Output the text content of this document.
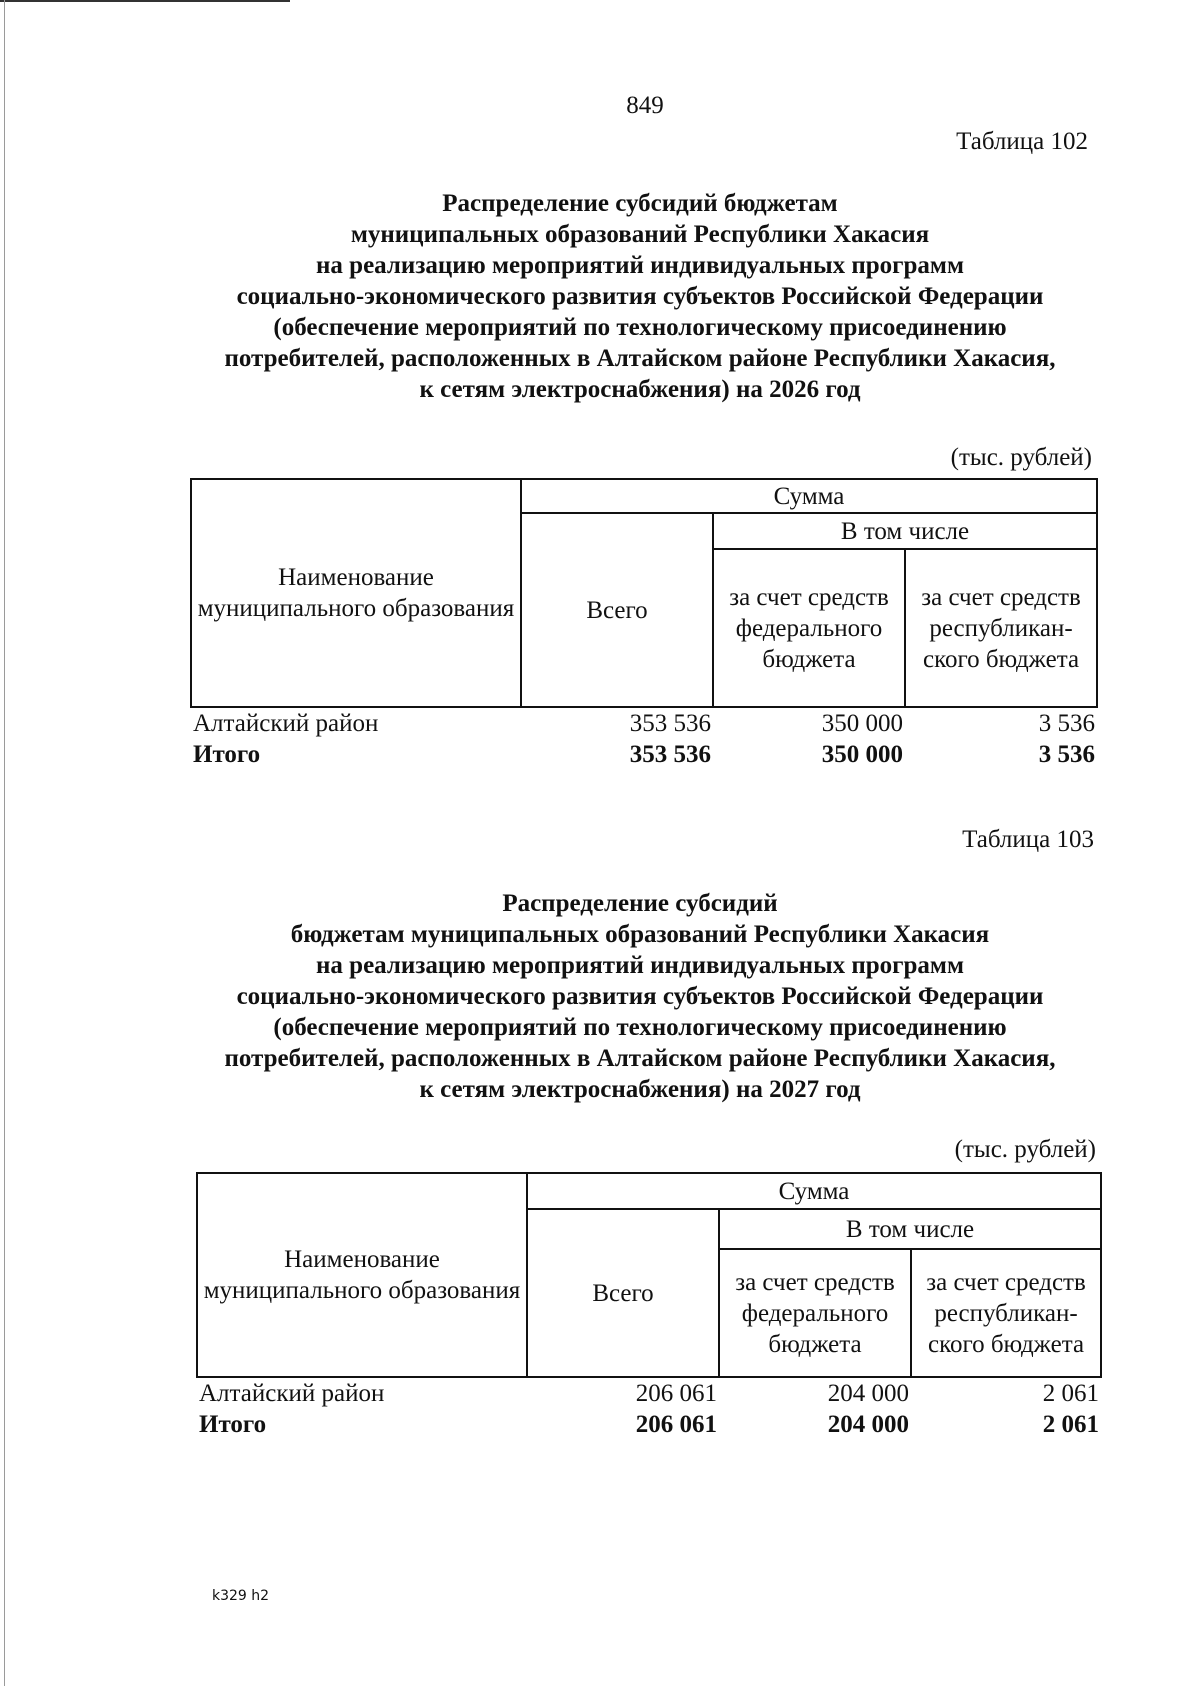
849
Таблица 102
Распределение субсидий бюджетам
муниципальных образований Республики Хакасия
на реализацию мероприятий индивидуальных программ
социально-экономического развития субъектов Российской Федерации
(обеспечение мероприятий по технологическому присоединению
потребителей, расположенных в Алтайском районе Республики Хакасия,
к сетям электроснабжения) на 2026 год
(тыс. рублей)
Наименование муниципального образования	Сумма		
	Всего	В том числе	
		за счет средств федерального бюджета	за счет средств республикан-ского бюджета
Алтайский район	353 536	350 000	3 536
Итого	353 536	350 000	3 536
Таблица 103
Распределение субсидий
бюджетам муниципальных образований Республики Хакасия
на реализацию мероприятий индивидуальных программ
социально-экономического развития субъектов Российской Федерации
(обеспечение мероприятий по технологическому присоединению
потребителей, расположенных в Алтайском районе Республики Хакасия,
к сетям электроснабжения) на 2027 год
(тыс. рублей)
Наименование муниципального образования	Сумма		
	Всего	В том числе	
		за счет средств федерального бюджета	за счет средств республикан-ского бюджета
Алтайский район	206 061	204 000	2 061
Итого	206 061	204 000	2 061
k329 h2
